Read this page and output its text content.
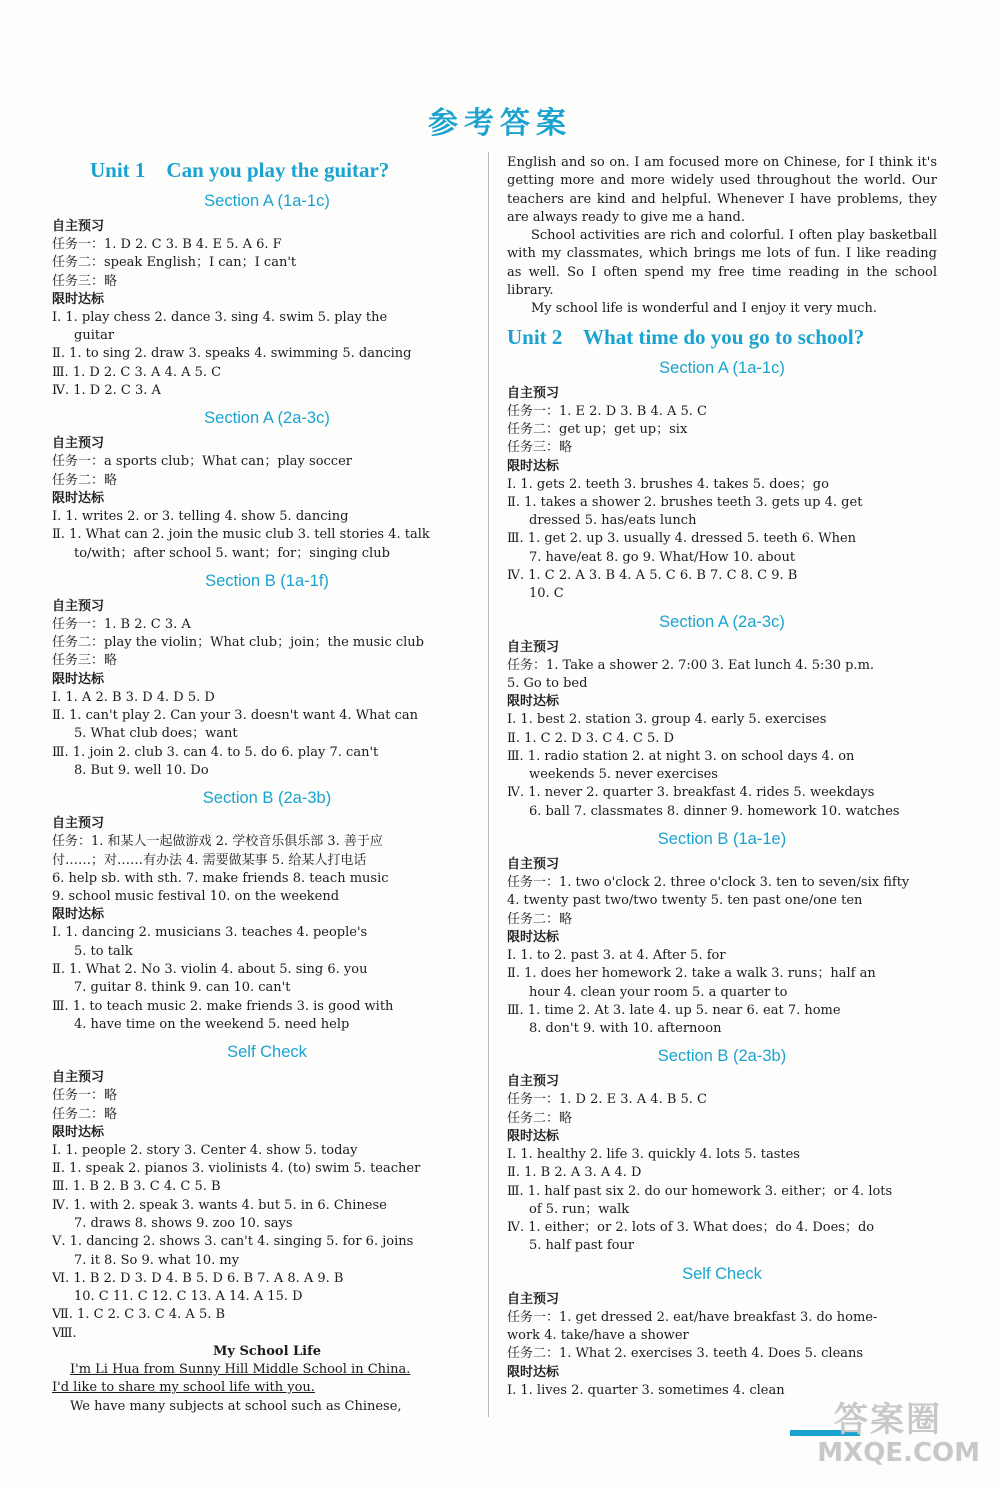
参考答案
Unit 1    Can you play the guitar?
Section A (1a-1c)
自主预习
任务一：1. D 2. C 3. B 4. E 5. A 6. F
任务二：speak English；I can；I can't
任务三：略
限时达标
Ⅰ. 1. play chess 2. dance 3. sing 4. swim 5. play the
guitar
Ⅱ. 1. to sing 2. draw 3. speaks 4. swimming 5. dancing
Ⅲ. 1. D 2. C 3. A 4. A 5. C
Ⅳ. 1. D 2. C 3. A
Section A (2a-3c)
自主预习
任务一：a sports club；What can；play soccer
任务二：略
限时达标
Ⅰ. 1. writes 2. or 3. telling 4. show 5. dancing
Ⅱ. 1. What can 2. join the music club 3. tell stories 4. talk
to/with；after school 5. want；for；singing club
Section B (1a-1f)
自主预习
任务一：1. B 2. C 3. A
任务二：play the violin；What club；join；the music club
任务三：略
限时达标
Ⅰ. 1. A 2. B 3. D 4. D 5. D
Ⅱ. 1. can't play 2. Can your 3. doesn't want 4. What can
5. What club does；want
Ⅲ. 1. join 2. club 3. can 4. to 5. do 6. play 7. can't
8. But 9. well 10. Do
Section B (2a-3b)
自主预习
任务：1. 和某人一起做游戏 2. 学校音乐俱乐部 3. 善于应
付……；对……有办法 4. 需要做某事 5. 给某人打电话
6. help sb. with sth. 7. make friends 8. teach music
9. school music festival 10. on the weekend
限时达标
Ⅰ. 1. dancing 2. musicians 3. teaches 4. people's
5. to talk
Ⅱ. 1. What 2. No 3. violin 4. about 5. sing 6. you
7. guitar 8. think 9. can 10. can't
Ⅲ. 1. to teach music 2. make friends 3. is good with
4. have time on the weekend 5. need help
Self Check
自主预习
任务一：略
任务二：略
限时达标
Ⅰ. 1. people 2. story 3. Center 4. show 5. today
Ⅱ. 1. speak 2. pianos 3. violinists 4. (to) swim 5. teacher
Ⅲ. 1. B 2. B 3. C 4. C 5. B
Ⅳ. 1. with 2. speak 3. wants 4. but 5. in 6. Chinese
7. draws 8. shows 9. zoo 10. says
Ⅴ. 1. dancing 2. shows 3. can't 4. singing 5. for 6. joins
7. it 8. So 9. what 10. my
Ⅵ. 1. B 2. D 3. D 4. B 5. D 6. B 7. A 8. A 9. B
10. C 11. C 12. C 13. A 14. A 15. D
Ⅶ. 1. C 2. C 3. C 4. A 5. B
Ⅷ.
My School Life
I'm Li Hua from Sunny Hill Middle School in China.
I'd like to share my school life with you.
We have many subjects at school such as Chinese,
English and so on. I am focused more on Chinese, for I think it's getting more and more widely used throughout the world. Our teachers are kind and helpful. Whenever I have problems, they are always ready to give me a hand.
School activities are rich and colorful. I often play basketball with my classmates, which brings me lots of fun. I like reading as well. So I often spend my free time reading in the school library.
My school life is wonderful and I enjoy it very much.
Unit 2    What time do you go to school?
Section A (1a-1c)
自主预习
任务一：1. E 2. D 3. B 4. A 5. C
任务二：get up；get up；six
任务三：略
限时达标
Ⅰ. 1. gets 2. teeth 3. brushes 4. takes 5. does；go
Ⅱ. 1. takes a shower 2. brushes teeth 3. gets up 4. get
dressed 5. has/eats lunch
Ⅲ. 1. get 2. up 3. usually 4. dressed 5. teeth 6. When
7. have/eat 8. go 9. What/How 10. about
Ⅳ. 1. C 2. A 3. B 4. A 5. C 6. B 7. C 8. C 9. B
10. C
Section A (2a-3c)
自主预习
任务：1. Take a shower 2. 7:00 3. Eat lunch 4. 5:30 p.m.
5. Go to bed
限时达标
Ⅰ. 1. best 2. station 3. group 4. early 5. exercises
Ⅱ. 1. C 2. D 3. C 4. C 5. D
Ⅲ. 1. radio station 2. at night 3. on school days 4. on
weekends 5. never exercises
Ⅳ. 1. never 2. quarter 3. breakfast 4. rides 5. weekdays
6. ball 7. classmates 8. dinner 9. homework 10. watches
Section B (1a-1e)
自主预习
任务一：1. two o'clock 2. three o'clock 3. ten to seven/six fifty
4. twenty past two/two twenty 5. ten past one/one ten
任务二：略
限时达标
Ⅰ. 1. to 2. past 3. at 4. After 5. for
Ⅱ. 1. does her homework 2. take a walk 3. runs；half an
hour 4. clean your room 5. a quarter to
Ⅲ. 1. time 2. At 3. late 4. up 5. near 6. eat 7. home
8. don't 9. with 10. afternoon
Section B (2a-3b)
自主预习
任务一：1. D 2. E 3. A 4. B 5. C
任务二：略
限时达标
Ⅰ. 1. healthy 2. life 3. quickly 4. lots 5. tastes
Ⅱ. 1. B 2. A 3. A 4. D
Ⅲ. 1. half past six 2. do our homework 3. either；or 4. lots
of 5. run；walk
Ⅳ. 1. either；or 2. lots of 3. What does；do 4. Does；do
5. half past four
Self Check
自主预习
任务一：1. get dressed 2. eat/have breakfast 3. do home-
work 4. take/have a shower
任务二：1. What 2. exercises 3. teeth 4. Does 5. cleans
限时达标
Ⅰ. 1. lives 2. quarter 3. sometimes 4. clean
答案圈
MXQE.COM
